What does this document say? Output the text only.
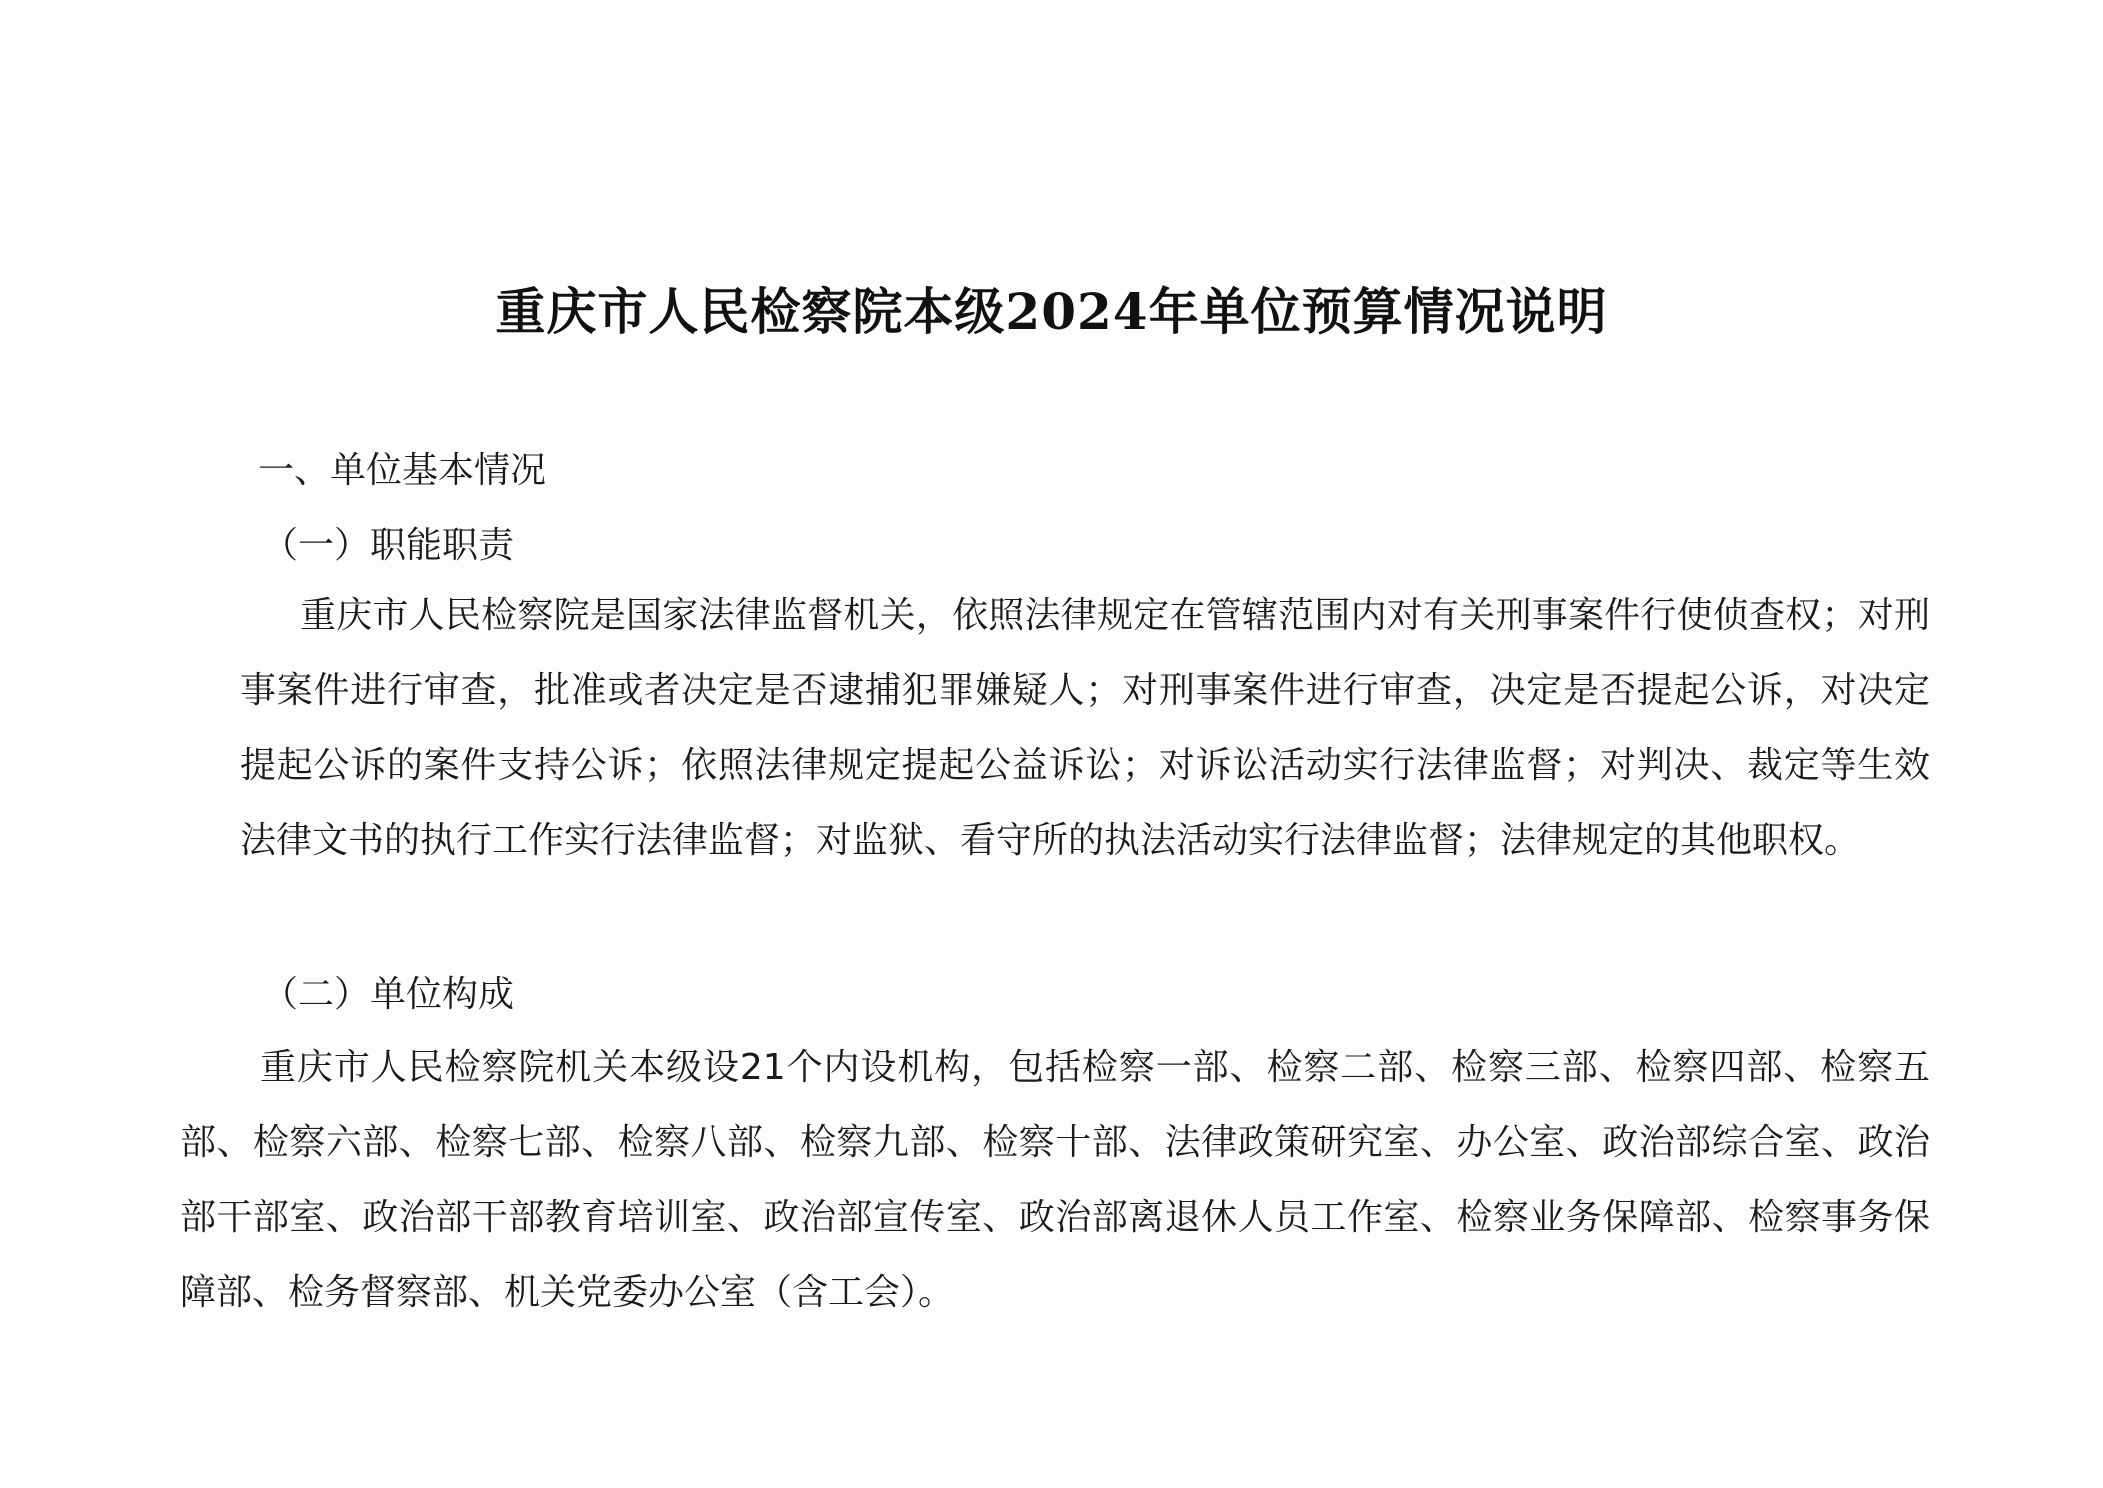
重庆市人民检察院本级2024年单位预算情况说明
一、单位基本情况
（一）职能职责

重庆市人民检察院是国家法律监督机关，依照法律规定在管辖范围内对有关刑事案件行使侦查权；对刑事案件进行审查，批准或者决定是否逮捕犯罪嫌疑人；对刑事案件进行审查，决定是否提起公诉，对决定提起公诉的案件支持公诉；依照法律规定提起公益诉讼；对诉讼活动实行法律监督；对判决、裁定等生效法律文书的执行工作实行法律监督；对监狱、看守所的执法活动实行法律监督；法律规定的其他职权。

（二）单位构成

重庆市人民检察院机关本级设21个内设机构，包括检察一部、检察二部、检察三部、检察四部、检察五部、检察六部、检察七部、检察八部、检察九部、检察十部、法律政策研究室、办公室、政治部综合室、政治部干部室、政治部干部教育培训室、政治部宣传室、政治部离退休人员工作室、检察业务保障部、检察事务保障部、检务督察部、机关党委办公室（含工会）。
